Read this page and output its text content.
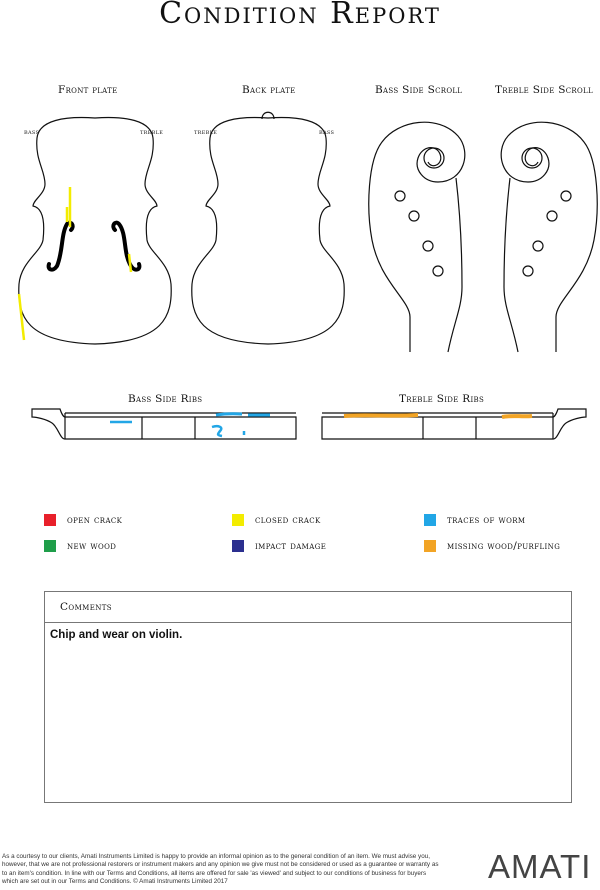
Condition Report
Front plate	Back plate	Bass Side Scroll	Treble Side Scroll
Bass Side Ribs	Treble Side Ribs
bass	treble	treble	bass
open crack	closed crack	traces of worm
new wood	impact damage	missing wood/purfling
Comments
Chip and wear on violin.
As a courtesy to our clients, Amati Instruments Limited is happy to provide an informal opinion as to the general condition of an item. We must advise you, however, that we are not professional restorers or instrument makers and any opinion we give must not be considered or used as a guarantee or warranty as to an item's condition. In line with our Terms and Conditions, all items are offered for sale 'as viewed' and subject to our conditions of business for buyers which are set out in our Terms and Conditions. © Amati Instruments Limited 2017	AMATI
